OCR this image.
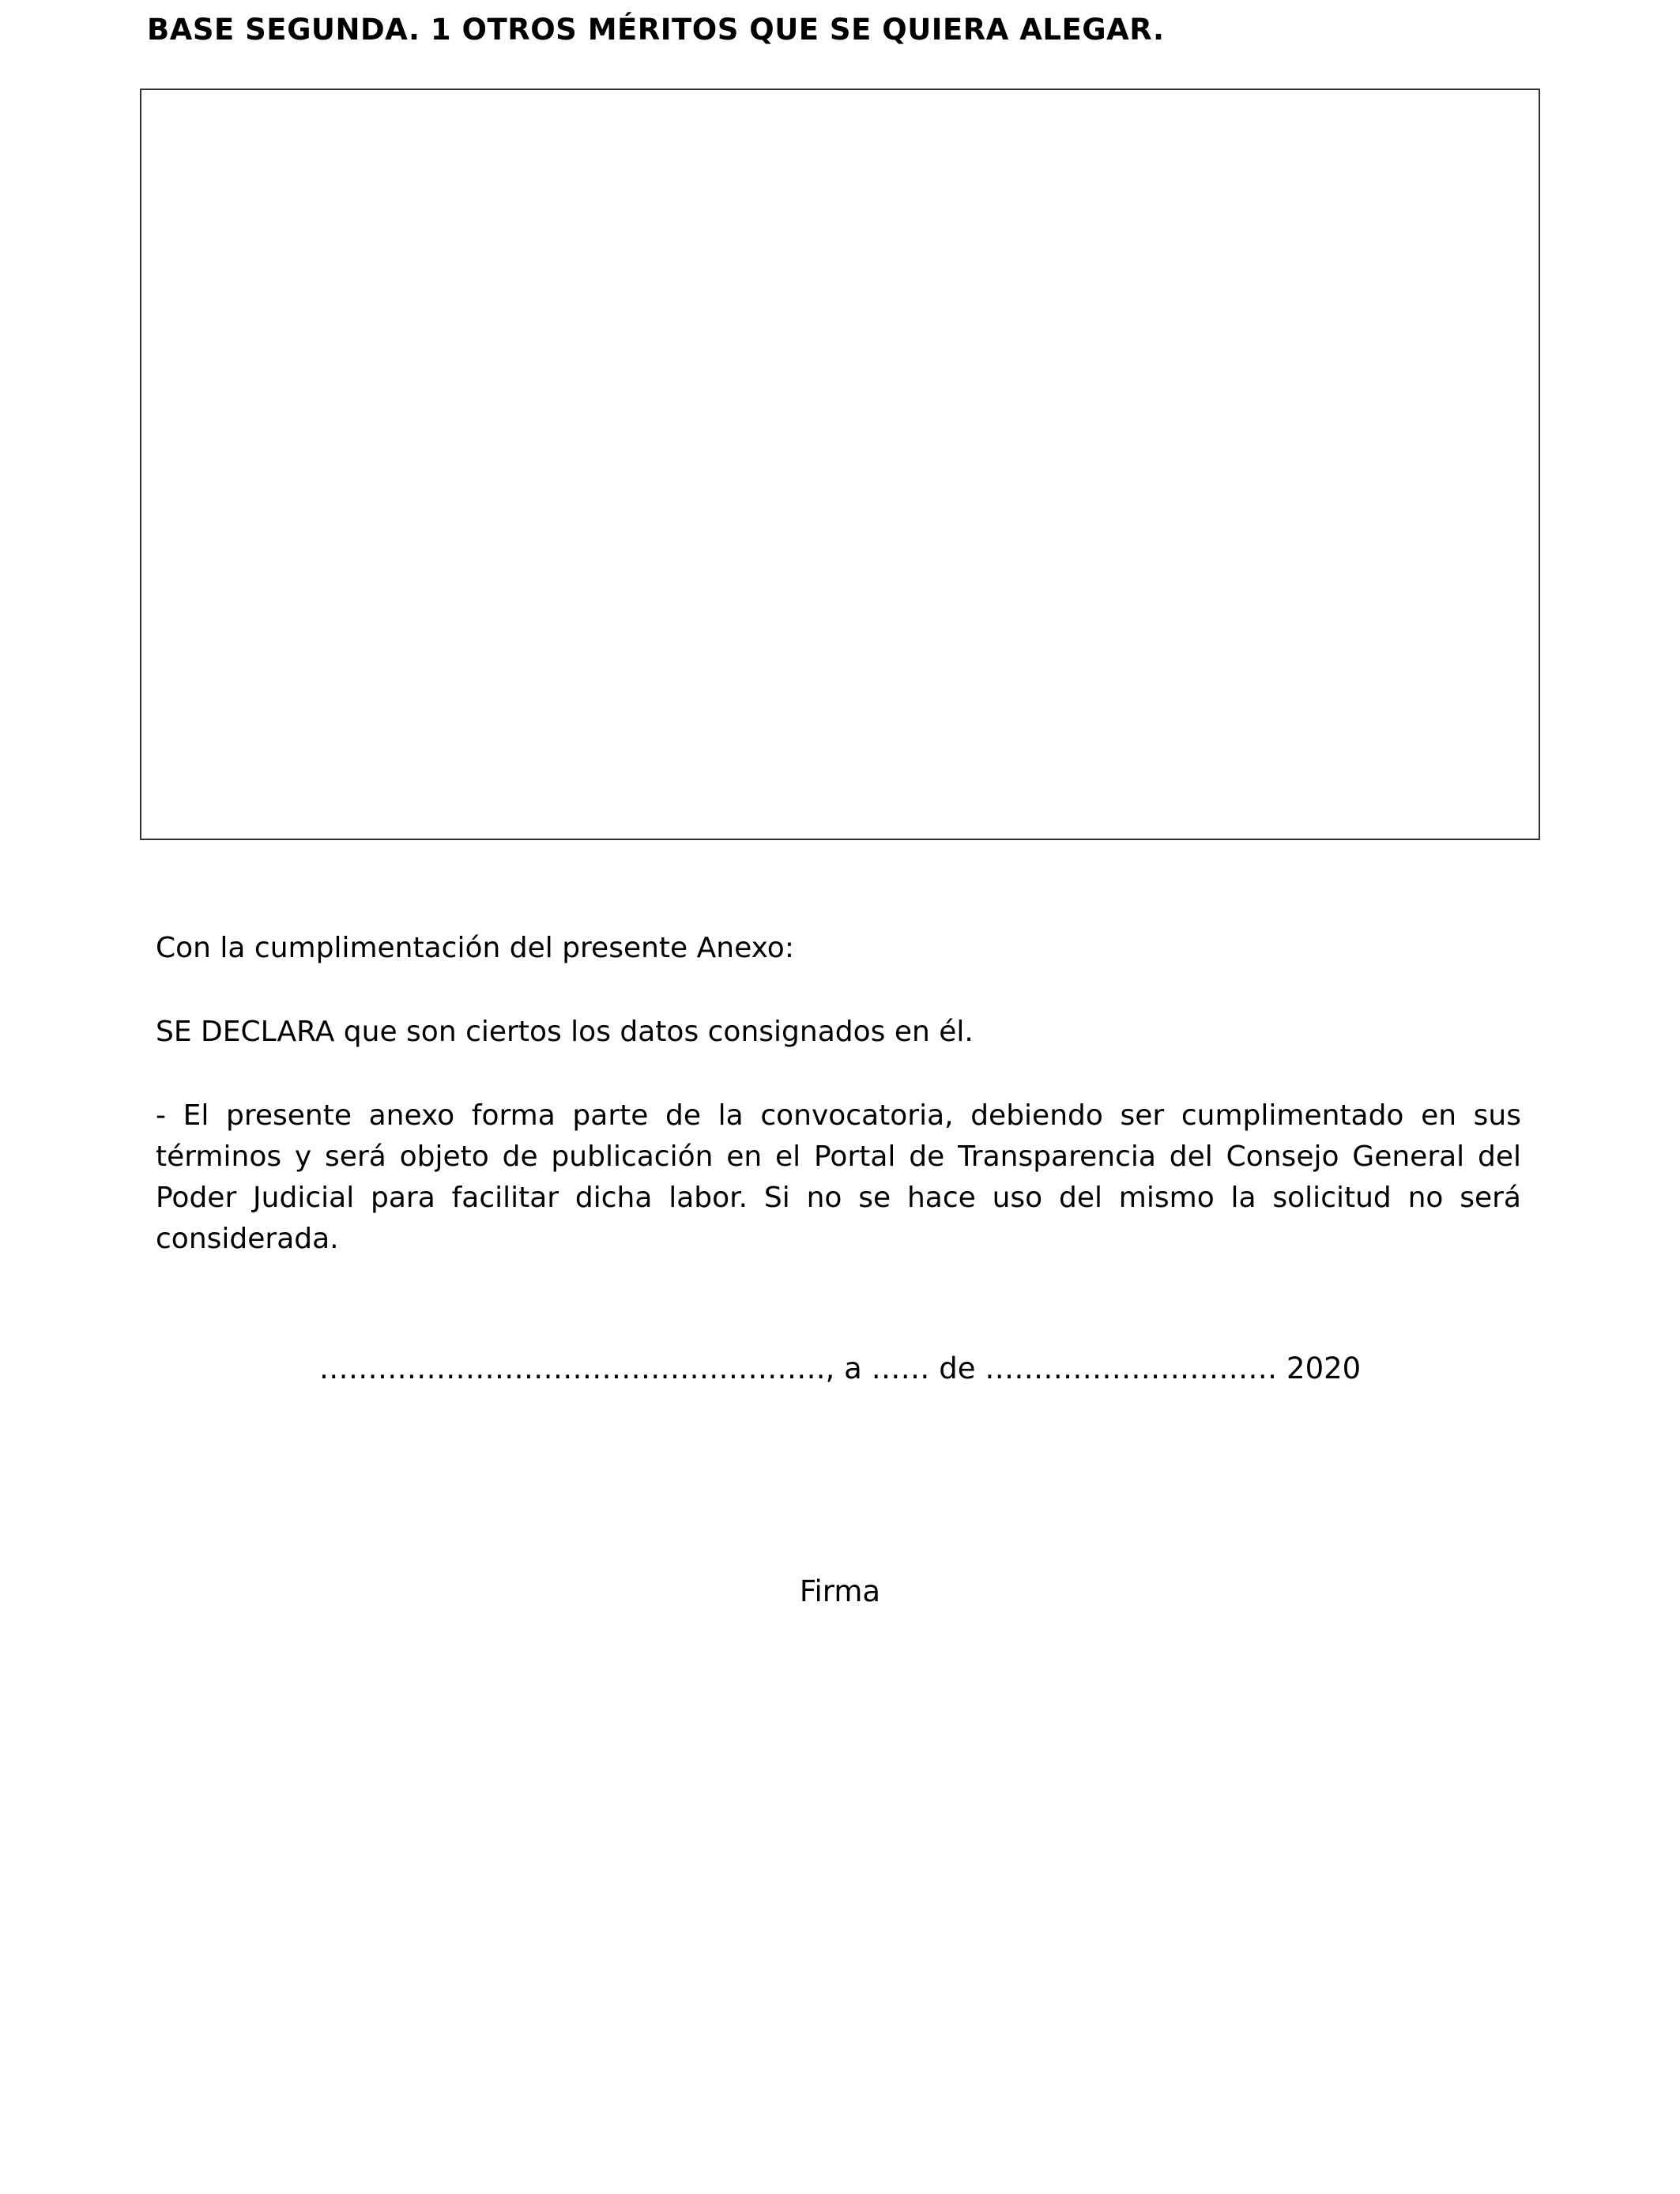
BASE SEGUNDA. 1 OTROS MÉRITOS QUE SE QUIERA ALEGAR.
Con la cumplimentación del presente Anexo:
SE DECLARA que son ciertos los datos consignados en él.
- El presente anexo forma parte de la convocatoria, debiendo ser cumplimentado en sus términos y será objeto de publicación en el Portal de Transparencia del Consejo General del Poder Judicial para facilitar dicha labor. Si no se hace uso del mismo la solicitud no será considerada.
……………………………………………., a …… de ………………………… 2020
Firma
